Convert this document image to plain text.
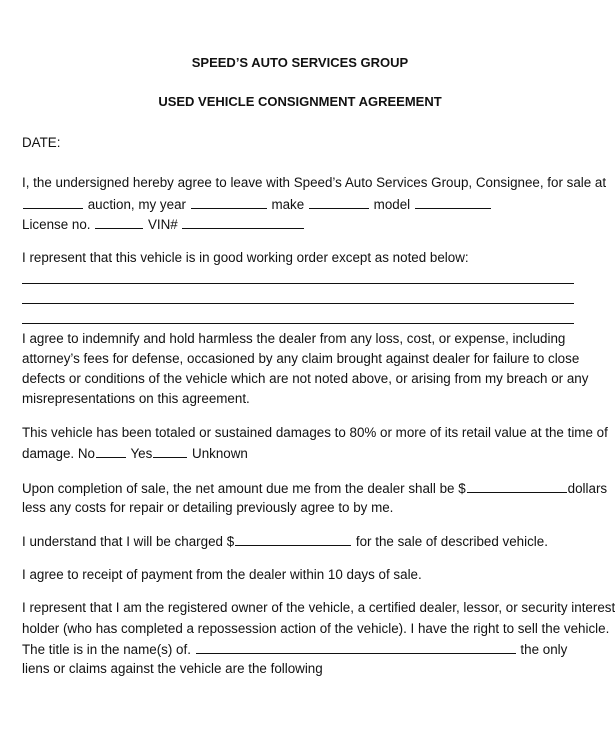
SPEED’S AUTO SERVICES GROUP
USED VEHICLE CONSIGNMENT AGREEMENT
DATE:
I, the undersigned hereby agree to leave with Speed’s Auto Services Group, Consignee, for sale at
auction, my year	make	model
License no.	VIN#
I represent that this vehicle is in good working order except as noted below:
I agree to indemnify and hold harmless the dealer from any loss, cost, or expense, including
attorney’s fees for defense, occasioned by any claim brought against dealer for failure to close
defects or conditions of the vehicle which are not noted above, or arising from my breach or any
misrepresentations on this agreement.
This vehicle has been totaled or sustained damages to 80% or more of its retail value at the time of
damage. No	Yes	Unknown
Upon completion of sale, the net amount due me from the dealer shall be $	dollars
less any costs for repair or detailing previously agree to by me.
I understand that I will be charged $	for the sale of described vehicle.
I agree to receipt of payment from the dealer within 10 days of sale.
I represent that I am the registered owner of the vehicle, a certified dealer, lessor, or security interest
holder (who has completed a repossession action of the vehicle). I have the right to sell the vehicle.
The title is in the name(s) of.	the only
liens or claims against the vehicle are the following
